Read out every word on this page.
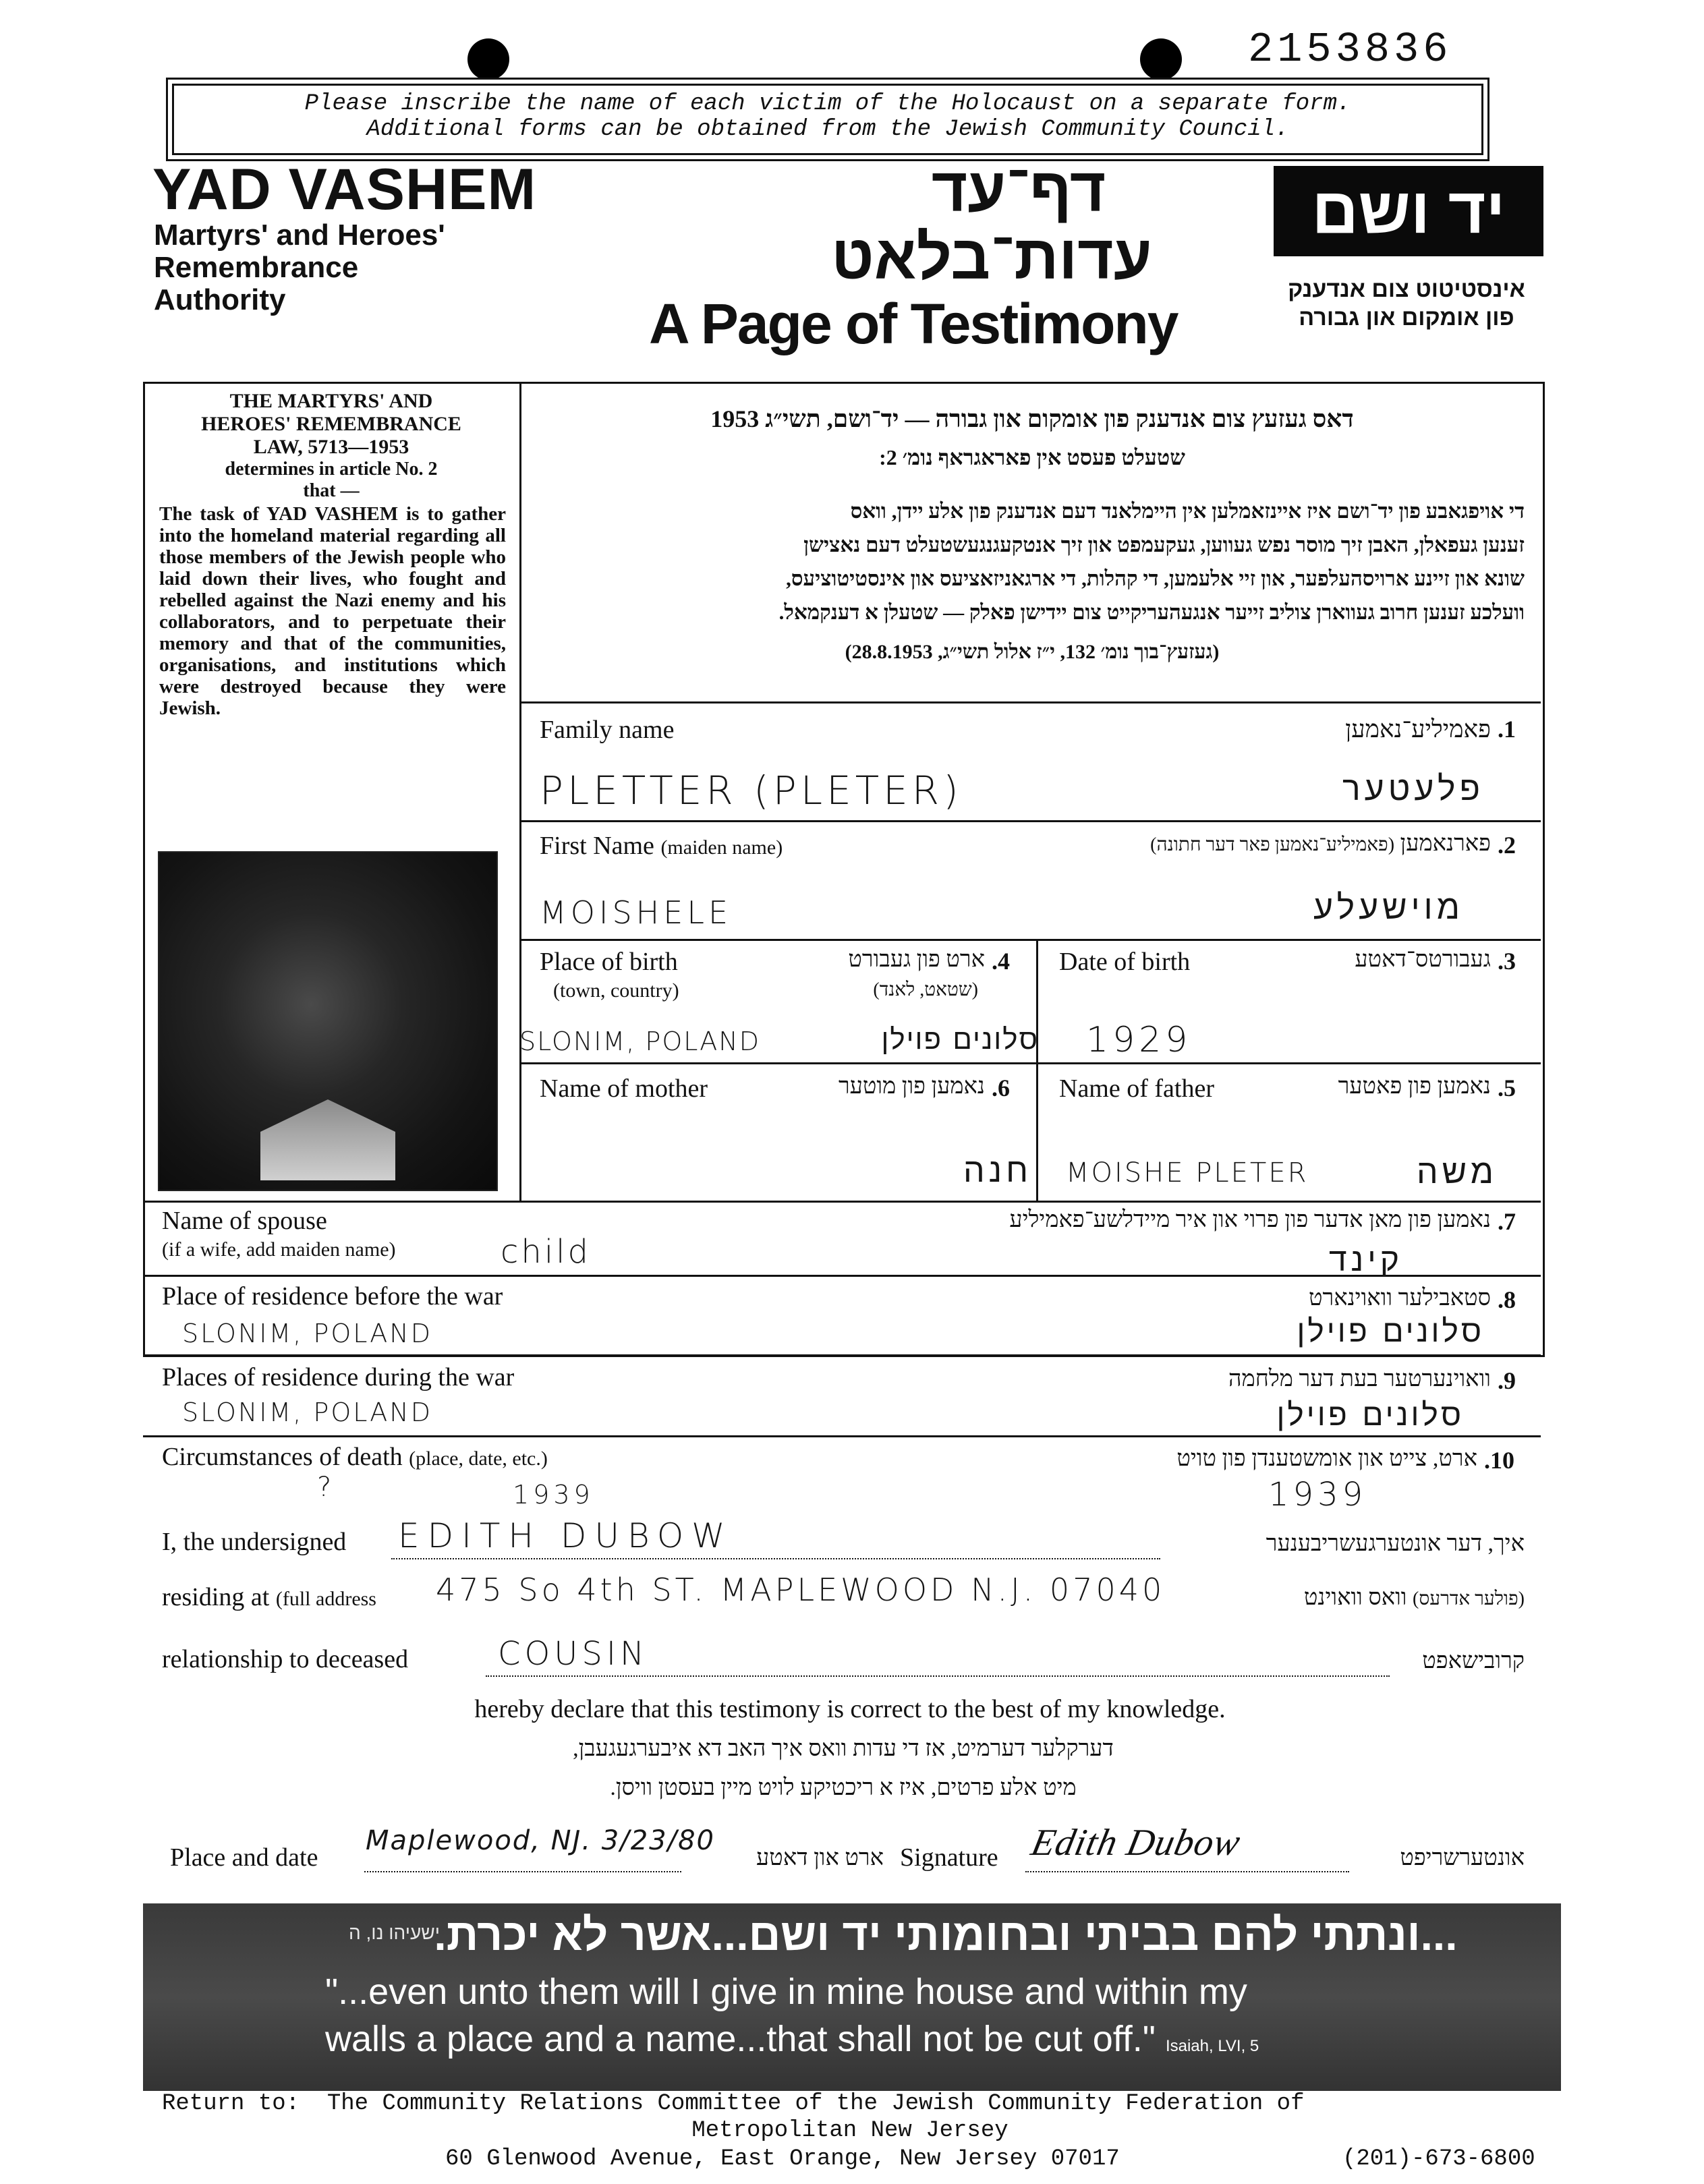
2153836
Please inscribe the name of each victim of the Holocaust on a separate form.
Additional forms can be obtained from the Jewish Community Council.
YAD VASHEM
Martyrs' and Heroes'
Remembrance
Authority
דף־עד
עדות־בלאט
A Page of Testimony
יד ושם
אינסטיטוט צום אנדענק
פון אומקום און גבורה
THE MARTYRS' AND
HEROES' REMEMBRANCE
LAW, 5713—1953
determines in article No. 2
that —
The task of YAD VASHEM is to gather into the homeland material regarding all those members of the Jewish people who laid down their lives, who fought and rebelled against the Nazi enemy and his collaborators, and to perpetuate their memory and that of the communities, organisations, and institutions which were destroyed because they were Jewish.
דאס געזעץ צום אנדענק פון אומקום און גבורה — יד־ושם, תשי״ג 1953
שטעלט פעסט אין פאראגראף נומ׳ 2:
די אויפגאבע פון יד־ושם איז איינזאמלען אין היימלאנד דעם אנדענק פון אלע יידן, וואס
זענען געפאלן, האבן זיך מוסר נפש געווען, געקעמפט און זיך אנטקעגנגעשטעלט דעם נאצישן
שונא און זיינע ארויסהעלפער, און זיי אלעמען, די קהלות, די ארגאניזאציעס און אינסטיטוציעס,
וועלכע זענען חרוב געווארן צוליב זייער אנגעהעריקייט צום יידישן פאלק — שטעלן א דענקמאל.
(געזעץ־בוך נומ׳ 132, י״ז אלול תשי״ג, 28.8.1953)
Family name	פאמיליע־נאמען .1
PLETTER (PLETER)	פלעטער
First Name (maiden name)	פארנאמען (פאמיליע־נאמען פאר דער חתונה)	.2
MOISHELE	מוישעלע
Place of birth	ארט פון געבורט .4
(town, country)	(שטאט, לאנד)
SLONIM, POLAND	סלונים פוילן
Date of birth	געבורטס־דאטע .3
1929
Name of mother	נאמען פון מוטער .6
חנה
Name of father	נאמען פון פאטער .5
MOISHE PLETER	משה
Name of spouse
(if a wife, add maiden name)	child
נאמען פון מאן אדער פון פרוי און איר מיידלשע־פאמיליע .7
קינד
Place of residence before the war
SLONIM, POLAND
סטאבילער וואוינארט .8
סלונים פוילן
Places of residence during the war
SLONIM, POLAND
וואוינערטער בעת דער מלחמה .9
סלונים פוילן
Circumstances of death (place, date, etc.)	ארט, צייט און אומשטענדן פון טויט .10
?	1939	1939
I, the undersigned EDITH DUBOW	איך, דער אונטערגעשריבענער
residing at (full address 475 So 4th ST. MAPLEWOOD N.J. 07040	(פולער אדרעס) וואס וואוינט
relationship to deceased	COUSIN	קרובישאפט
hereby declare that this testimony is correct to the best of my knowledge.
דערקלער דערמיט, אז די עדות וואס איך האב דא איבערגעגעבן,
מיט אלע פרטים, איז א ריכטיקע לויט מיין בעסטן וויסן.
Place and date
Maplewood, NJ. 3/23/80
ארט און דאטע Signature Edith Dubow	אונטערשריפט
...ונתתי להם בביתי ובחומותי יד ושם...אשר לא יכרת.
ישעיהו נו, ה
"...even unto them will I give in mine house and within my
walls a place and a name...that shall not be cut off." Isaiah, LVI, 5
Return to:  The Community Relations Committee of the Jewish Community Federation of
Metropolitan New Jersey
60 Glenwood Avenue, East Orange, New Jersey 07017	(201)-673-6800
